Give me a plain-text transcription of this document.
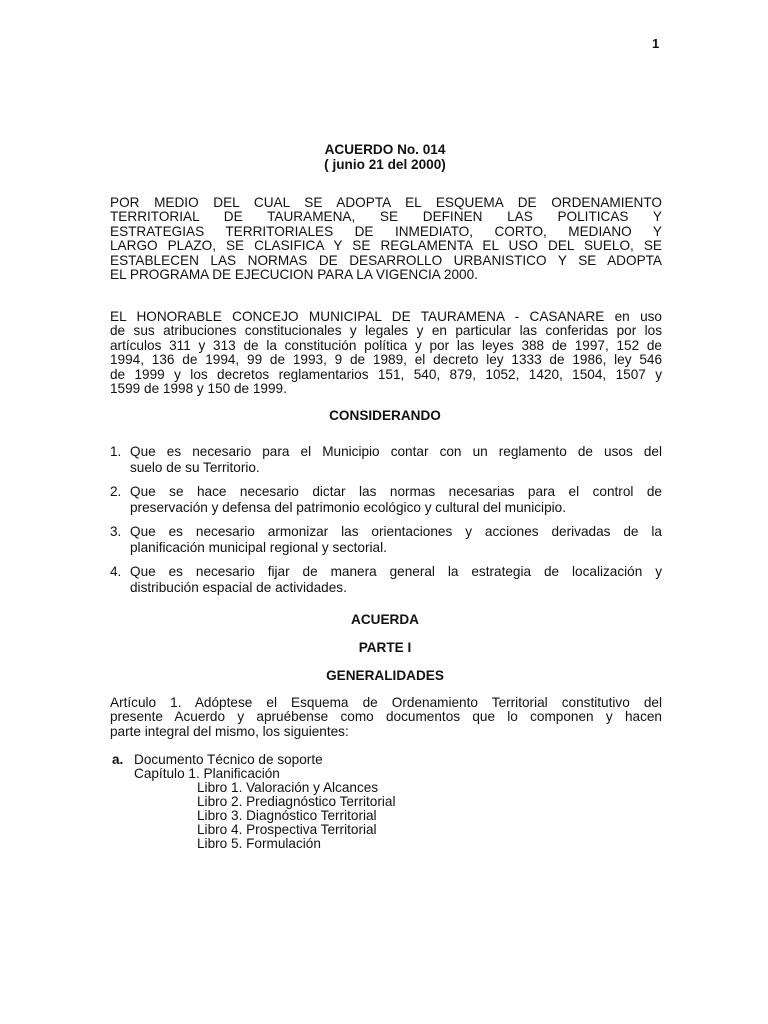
1
ACUERDO No. 014
( junio 21 del 2000)
POR MEDIO DEL CUAL SE ADOPTA EL ESQUEMA DE ORDENAMIENTO
TERRITORIAL DE TAURAMENA, SE DEFINEN LAS POLITICAS Y
ESTRATEGIAS TERRITORIALES DE INMEDIATO, CORTO, MEDIANO Y
LARGO PLAZO, SE CLASIFICA Y SE REGLAMENTA EL USO DEL SUELO, SE
ESTABLECEN LAS NORMAS DE DESARROLLO URBANISTICO Y SE ADOPTA
EL PROGRAMA DE EJECUCION PARA LA VIGENCIA 2000.
EL HONORABLE CONCEJO MUNICIPAL DE TAURAMENA - CASANARE en uso
de sus atribuciones constitucionales y legales y en particular las conferidas por los
artículos 311 y 313 de la constitución política y por las leyes 388 de 1997, 152 de
1994, 136 de 1994, 99 de 1993, 9 de 1989, el decreto ley 1333 de 1986, ley 546
de 1999 y los decretos reglamentarios 151, 540, 879, 1052, 1420, 1504, 1507 y
1599 de 1998 y 150 de 1999.
CONSIDERANDO
1. Que es necesario para el Municipio contar con un reglamento de usos del
suelo de su Territorio.
2. Que se hace necesario dictar las normas necesarias para el control de
preservación y defensa del patrimonio ecológico y cultural del municipio.
3. Que es necesario armonizar las orientaciones y acciones derivadas de la
planificación municipal regional y sectorial.
4. Que es necesario fijar de manera general la estrategia de localización y
distribución espacial de actividades.
ACUERDA
PARTE I
GENERALIDADES
Artículo 1. Adóptese el Esquema de Ordenamiento Territorial constitutivo del
presente Acuerdo y apruébense como documentos que lo componen y hacen
parte integral del mismo, los siguientes:
a. Documento Técnico de soporte
Capítulo 1. Planificación
Libro 1. Valoración y Alcances
Libro 2. Prediagnóstico Territorial
Libro 3. Diagnóstico Territorial
Libro 4. Prospectiva Territorial
Libro 5. Formulación
